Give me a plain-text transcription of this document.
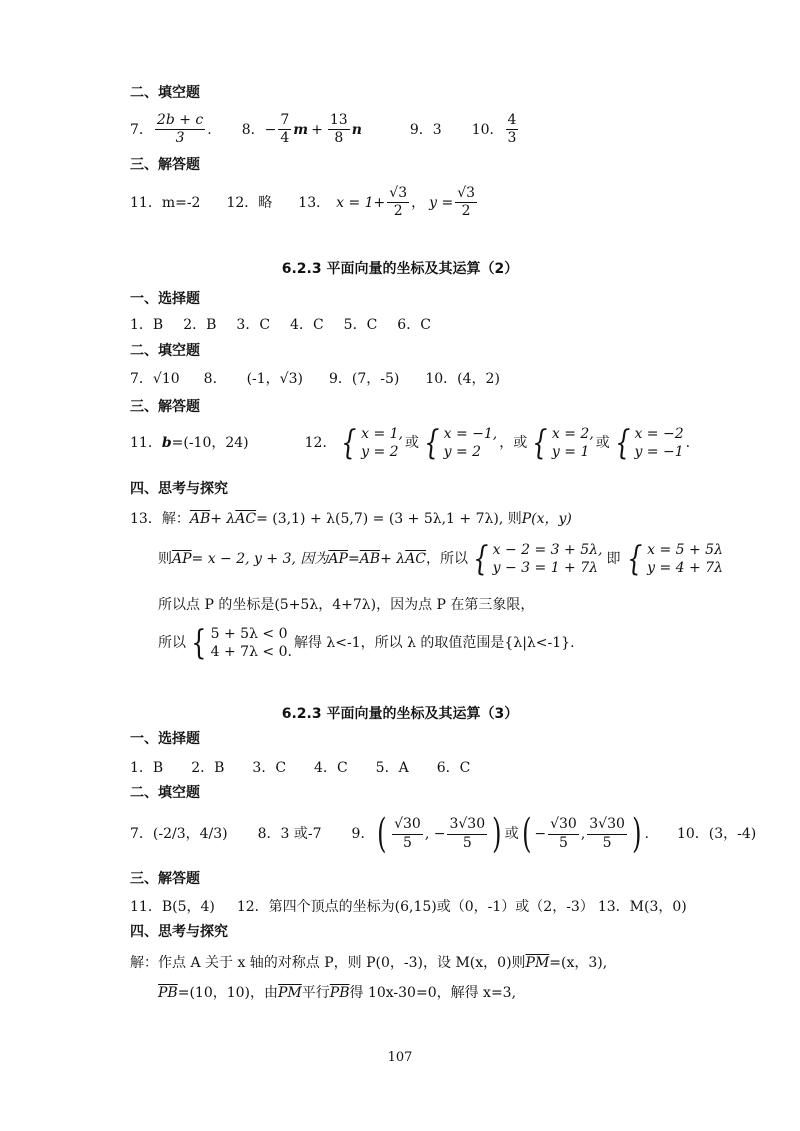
二、填空题
7． $\frac{2b + c}{3}$ . 8． − $\frac{7}{4}$ $m + \frac{13}{8}$ n	9．3 10． $\frac{4}{3}$
三、解答题
11．m=-2 12．略 13． $x = 1+ \frac{√3}{2}$ ， $y = \frac{√3}{2}$
6.2.3 平面向量的坐标及其运算（2）
一、选择题
1．B 2．B 3．C 4．C 5．C 6．C
二、填空题
7．√10 8． (-1，√3) 9．(7，-5) 10．(4，2)
三、解答题
11． b =(-10，24)	12． { x = 1,
y = 2
或 { x = −1,
y = 2
，或 { x = 2,
y = 1
或 { x = −2
y = −1
.
四、思考与探究
13．解： $\overline{AB} + \lambda$ $\overline{AC} = (3,1) + \lambda(5,7) = (3 + 5\lambda,1 + 7\lambda)$, 则 P(x，y)
则 $\overline{AP} = x - 2$, y + 3, 因为 $\overline{AP} = \overline{AB} + \lambda$ $\overline{AC}$ ，所以 { x − 2 = 3 + 5λ,
y − 3 = 1 + 7λ
即 { x = 5 + 5λ
y = 4 + 7λ
所以点 P 的坐标是(5+5λ，4+7λ)，因为点 P 在第三象限，
所以 { 5 + 5λ < 0
4 + 7λ < 0.
解得 λ<-1，所以 λ 的取值范围是{λ|λ<-1}.
6.2.3 平面向量的坐标及其运算（3）
一、选择题
1．B 2．B 3．C 4．C 5．A 6．C
二、填空题
7．(-2/3，4/3) 8．3 或-7 9． ( $\frac{√30}{5}$ , − $\frac{3√30}{5}$ ) 或 ( − $\frac{√30}{5}$ , $\frac{3√30}{5}$ ) . 10．(3，-4)
三、解答题
11．B(5，4) 12．第四个顶点的坐标为(6,15)或（0，-1）或（2，-3） 13．M(3，0)
四、思考与探究
解：作点 A 关于 x 轴的对称点 P，则 P(0，-3)，设 M(x，0)则 $\overline{PM} =(x$，3),
$\overline{PB} =(10$，10)，由 $\overline{PM}$ 平行 $\overline{PB}$ 得 10x-30=0，解得 x=3,
107
